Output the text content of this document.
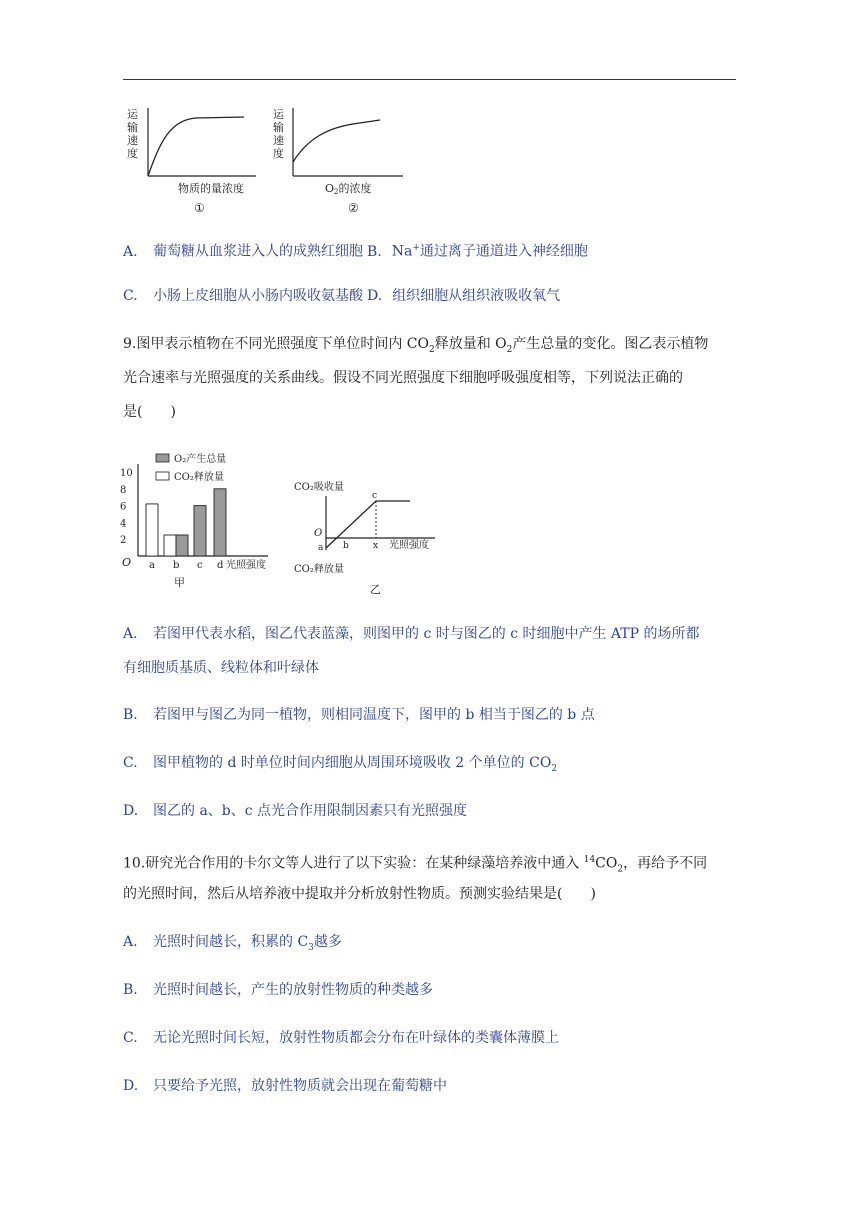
运
输
速
度
物质的量浓度
①
运
输
速
度
O2的浓度
②
A. 葡萄糖从血浆进入人的成熟红细胞 B. Na+通过离子通道进入神经细胞
C. 小肠上皮细胞从小肠内吸收氨基酸 D. 组织细胞从组织液吸收氧气
9.图甲表示植物在不同光照强度下单位时间内 $CO_2$释放量和 $O_2$产生总量的变化。图乙表示植物
光合速率与光照强度的关系曲线。假设不同光照强度下细胞呼吸强度相等，下列说法正确的
是(　　)
2
4
6
8
10
O
O₂产生总量
CO₂释放量
a b c d 光照强度
甲
CO₂吸收量
O
a b
c
x 光照强度
CO₂释放量
乙
A. 若图甲代表水稻，图乙代表蓝藻，则图甲的 c 时与图乙的 c 时细胞中产生 ATP 的场所都
有细胞质基质、线粒体和叶绿体
B. 若图甲与图乙为同一植物，则相同温度下，图甲的 b 相当于图乙的 b 点
C. 图甲植物的 d 时单位时间内细胞从周围环境吸收 2 个单位的 $CO_2$
D. 图乙的 a、b、c 点光合作用限制因素只有光照强度
10.研究光合作用的卡尔文等人进行了以下实验：在某种绿藻培养液中通入 $^{14}CO_2$，再给予不同
的光照时间，然后从培养液中提取并分析放射性物质。预测实验结果是(　　)
A. 光照时间越长，积累的 $C_3$越多
B. 光照时间越长，产生的放射性物质的种类越多
C. 无论光照时间长短，放射性物质都会分布在叶绿体的类囊体薄膜上
D. 只要给予光照，放射性物质就会出现在葡萄糖中
